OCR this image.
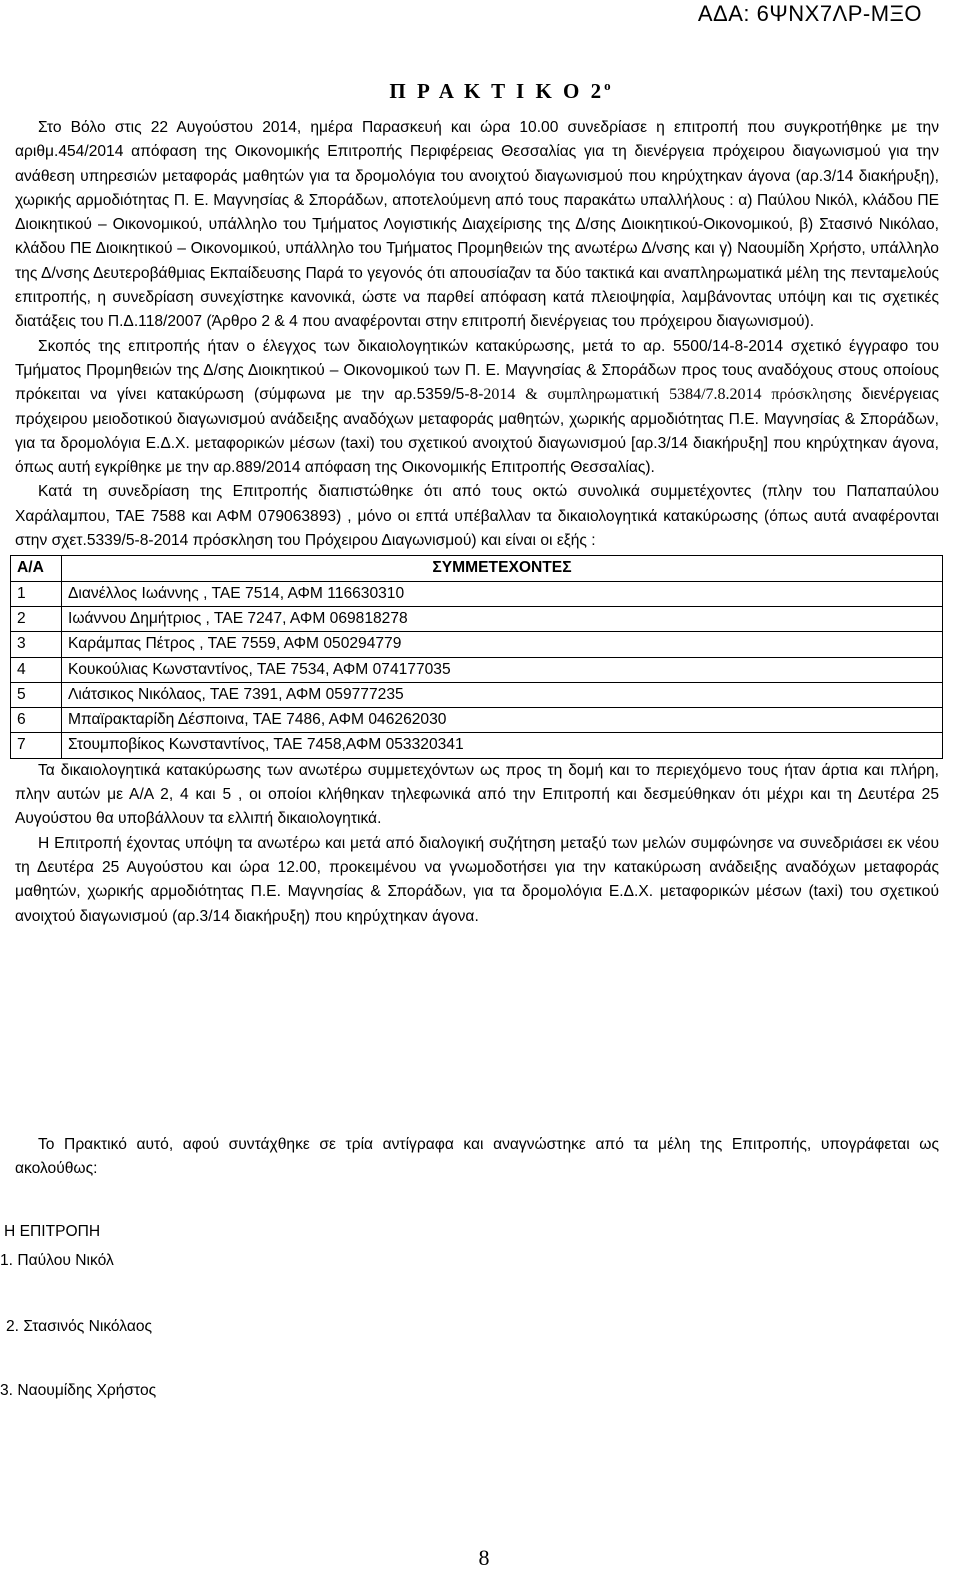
ΑΔΑ: 6ΨΝΧ7ΛΡ-ΜΞΟ
Π Ρ Α Κ Τ Ι Κ Ο $2^o$

Στο Βόλο στις 22 Αυγούστου 2014, ημέρα Παρασκευή και ώρα 10.00 συνεδρίασε η επιτροπή που συγκροτήθηκε με την αριθμ.454/2014 απόφαση της Οικονομικής Επιτροπής Περιφέρειας Θεσσαλίας για τη διενέργεια πρόχειρου διαγωνισμού για την ανάθεση υπηρεσιών μεταφοράς μαθητών για τα δρομολόγια του ανοιχτού διαγωνισμού που κηρύχτηκαν άγονα (αρ.3/14 διακήρυξη), χωρικής αρμοδιότητας Π. Ε. Μαγνησίας & Σποράδων, αποτελούμενη από τους παρακάτω υπαλλήλους : α) Παύλου Νικόλ, κλάδου ΠΕ Διοικητικού – Οικονομικού, υπάλληλο του Τμήματος Λογιστικής Διαχείρισης της Δ/σης Διοικητικού-Οικονομικού, β) Στασινό Νικόλαο, κλάδου ΠΕ Διοικητικού – Οικονομικού, υπάλληλο του Τμήματος Προμηθειών της ανωτέρω Δ/νσης και γ) Ναουμίδη Χρήστο, υπάλληλο της Δ/νσης Δευτεροβάθμιας Εκπαίδευσης Παρά το γεγονός ότι απουσίαζαν τα δύο τακτικά και αναπληρωματικά μέλη της πενταμελούς επιτροπής, η συνεδρίαση συνεχίστηκε κανονικά, ώστε να παρθεί απόφαση κατά πλειοψηφία, λαμβάνοντας υπόψη και τις σχετικές διατάξεις του Π.Δ.118/2007 (Άρθρο 2 & 4 που αναφέρονται στην επιτροπή διενέργειας του πρόχειρου διαγωνισμού).

Σκοπός της επιτροπής ήταν ο έλεγχος των δικαιολογητικών κατακύρωσης, μετά το αρ. 5500/14-8-2014 σχετικό έγγραφο του Τμήματος Προμηθειών της Δ/σης Διοικητικού – Οικονομικού των Π. Ε. Μαγνησίας & Σποράδων προς τους αναδόχους στους οποίους πρόκειται να γίνει κατακύρωση (σύμφωνα με την αρ.5359/5-8-2014 & συμπληρωματική 5384/7.8.2014 πρόσκλησης διενέργειας πρόχειρου μειοδοτικού διαγωνισμού ανάδειξης αναδόχων μεταφοράς μαθητών, χωρικής αρμοδιότητας Π.Ε. Μαγνησίας & Σποράδων, για τα δρομολόγια Ε.Δ.Χ. μεταφορικών μέσων (taxi) του σχετικού ανοιχτού διαγωνισμού [αρ.3/14 διακήρυξη] που κηρύχτηκαν άγονα, όπως αυτή εγκρίθηκε με την αρ.889/2014 απόφαση της Οικονομικής Επιτροπής Θεσσαλίας).

Κατά τη συνεδρίαση της Επιτροπής διαπιστώθηκε ότι από τους οκτώ συνολικά συμμετέχοντες (πλην του Παπαπαύλου Χαράλαμπου, ΤΑΕ 7588 και ΑΦΜ 079063893) , μόνο οι επτά υπέβαλλαν τα δικαιολογητικά κατακύρωσης (όπως αυτά αναφέρονται στην σχετ.5339/5-8-2014 πρόσκληση του Πρόχειρου Διαγωνισμού) και είναι οι εξής :

Α/Α	ΣΥΜΜΕΤΕΧΟΝΤΕΣ
1	Διανέλλος Ιωάννης , ΤΑΕ 7514, ΑΦΜ 116630310
2	Ιωάννου Δημήτριος , ΤΑΕ 7247, ΑΦΜ 069818278
3	Καράμπας Πέτρος , ΤΑΕ 7559, ΑΦΜ 050294779
4	Κουκούλιας Κωνσταντίνος, ΤΑΕ 7534, ΑΦΜ 074177035
5	Λιάτσικος Νικόλαος, ΤΑΕ 7391, ΑΦΜ 059777235
6	Μπαϊρακταρίδη Δέσποινα, ΤΑΕ 7486, ΑΦΜ 046262030
7	Στουμποβίκος Κωνσταντίνος, ΤΑΕ 7458,ΑΦΜ 053320341

Τα δικαιολογητικά κατακύρωσης των ανωτέρω συμμετεχόντων ως προς τη δομή και το περιεχόμενο τους ήταν άρτια και πλήρη, πλην αυτών με Α/Α 2, 4 και 5 , οι οποίοι κλήθηκαν τηλεφωνικά από την Επιτροπή και δεσμεύθηκαν ότι μέχρι και τη Δευτέρα 25 Αυγούστου θα υποβάλλουν τα ελλιπή δικαιολογητικά.

Η Επιτροπή έχοντας υπόψη τα ανωτέρω και μετά από διαλογική συζήτηση μεταξύ των μελών συμφώνησε να συνεδριάσει εκ νέου τη Δευτέρα 25 Αυγούστου και ώρα 12.00, προκειμένου να γνωμοδοτήσει για την κατακύρωση ανάδειξης αναδόχων μεταφοράς μαθητών, χωρικής αρμοδιότητας Π.Ε. Μαγνησίας & Σποράδων, για τα δρομολόγια Ε.Δ.Χ. μεταφορικών μέσων (taxi) του σχετικού ανοιχτού διαγωνισμού (αρ.3/14 διακήρυξη) που κηρύχτηκαν άγονα.

Το Πρακτικό αυτό, αφού συντάχθηκε σε τρία αντίγραφα και αναγνώστηκε από τα μέλη της Επιτροπής, υπογράφεται ως ακολούθως:

Η ΕΠΙΤΡΟΠΗ
1. Παύλου Νικόλ
2. Στασινός Νικόλαος
3. Ναουμίδης Χρήστος
8
